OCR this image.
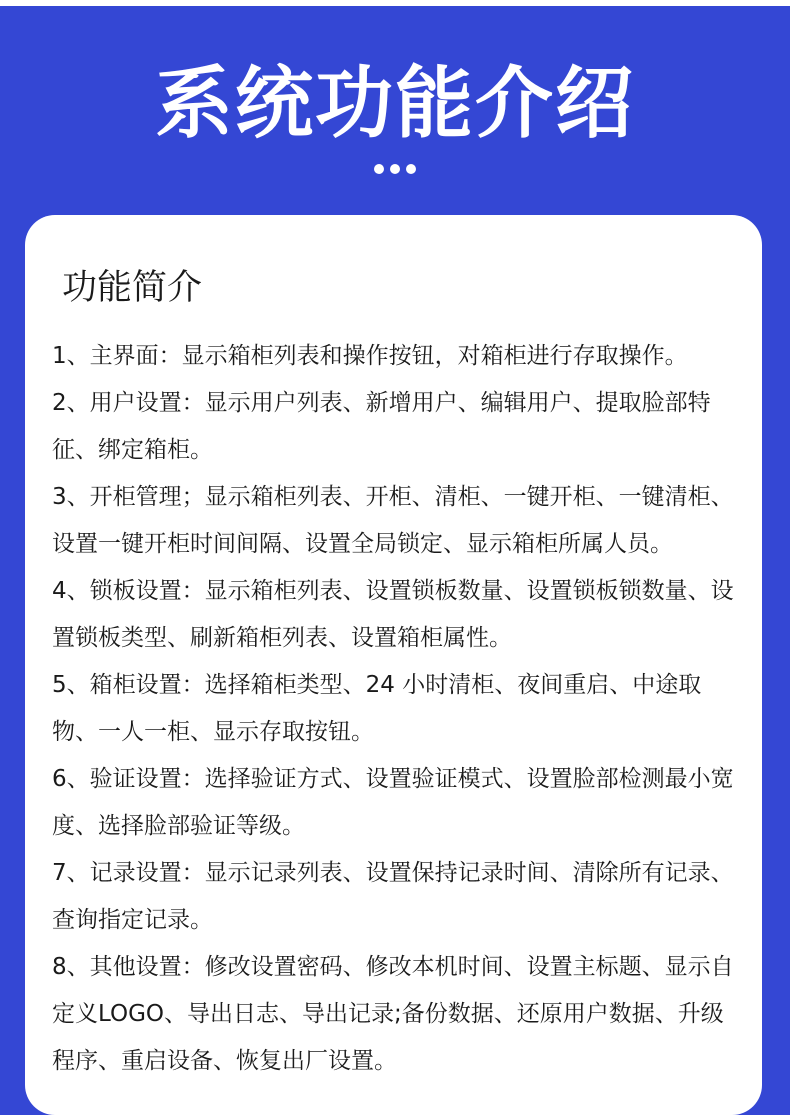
系统功能介绍
功能简介
1、主界面：显示箱柜列表和操作按钮，对箱柜进行存取操作。
2、用户设置：显示用户列表、新增用户、编辑用户、提取脸部特征、绑定箱柜。
3、开柜管理；显示箱柜列表、开柜、清柜、一键开柜、一键清柜、设置一键开柜时间间隔、设置全局锁定、显示箱柜所属人员。
4、锁板设置：显示箱柜列表、设置锁板数量、设置锁板锁数量、设置锁板类型、刷新箱柜列表、设置箱柜属性。
5、箱柜设置：选择箱柜类型、24 小时清柜、夜间重启、中途取物、一人一柜、显示存取按钮。
6、验证设置：选择验证方式、设置验证模式、设置脸部检测最小宽度、选择脸部验证等级。
7、记录设置：显示记录列表、设置保持记录时间、清除所有记录、查询指定记录。
8、其他设置：修改设置密码、修改本机时间、设置主标题、显示自定义LOGO、导出日志、导出记录;备份数据、还原用户数据、升级程序、重启设备、恢复出厂设置。
